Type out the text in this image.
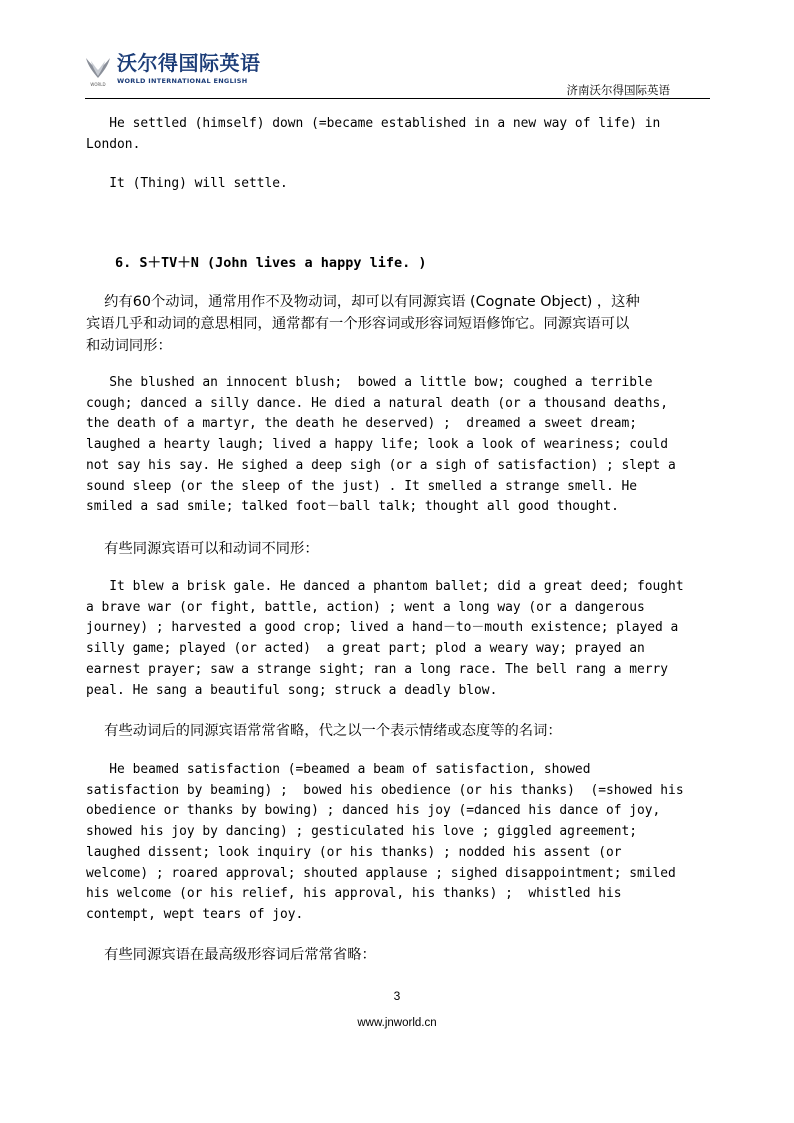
WORLD
沃尔得国际英语
WORLD INTERNATIONAL ENGLISH
济南沃尔得国际英语
He settled (himself) down (=became established in a new way of life) in
London.
It (Thing) will settle.
6. S＋TV＋N (John lives a happy life. )
约有60个动词，通常用作不及物动词，却可以有同源宾语 (Cognate Object) ，这种
宾语几乎和动词的意思相同，通常都有一个形容词或形容词短语修饰它。同源宾语可以
和动词同形：
She blushed an innocent blush;  bowed a little bow; coughed a terrible
cough; danced a silly dance. He died a natural death (or a thousand deaths,
the death of a martyr, the death he deserved) ;  dreamed a sweet dream;
laughed a hearty laugh; lived a happy life; look a look of weariness; could
not say his say. He sighed a deep sigh (or a sigh of satisfaction) ; slept a
sound sleep (or the sleep of the just) . It smelled a strange smell. He
smiled a sad smile; talked foot－ball talk; thought all good thought.
有些同源宾语可以和动词不同形：
It blew a brisk gale. He danced a phantom ballet; did a great deed; fought
a brave war (or fight, battle, action) ; went a long way (or a dangerous
journey) ; harvested a good crop; lived a hand－to－mouth existence; played a
silly game; played (or acted)  a great part; plod a weary way; prayed an
earnest prayer; saw a strange sight; ran a long race. The bell rang a merry
peal. He sang a beautiful song; struck a deadly blow.
有些动词后的同源宾语常常省略，代之以一个表示情绪或态度等的名词：
He beamed satisfaction (=beamed a beam of satisfaction, showed
satisfaction by beaming) ;  bowed his obedience (or his thanks)  (=showed his
obedience or thanks by bowing) ; danced his joy (=danced his dance of joy,
showed his joy by dancing) ; gesticulated his love ; giggled agreement;
laughed dissent; look inquiry (or his thanks) ; nodded his assent (or
welcome) ; roared approval; shouted applause ; sighed disappointment; smiled
his welcome (or his relief, his approval, his thanks) ;  whistled his
contempt, wept tears of joy.
有些同源宾语在最高级形容词后常常省略：
3
www.jnworld.cn
